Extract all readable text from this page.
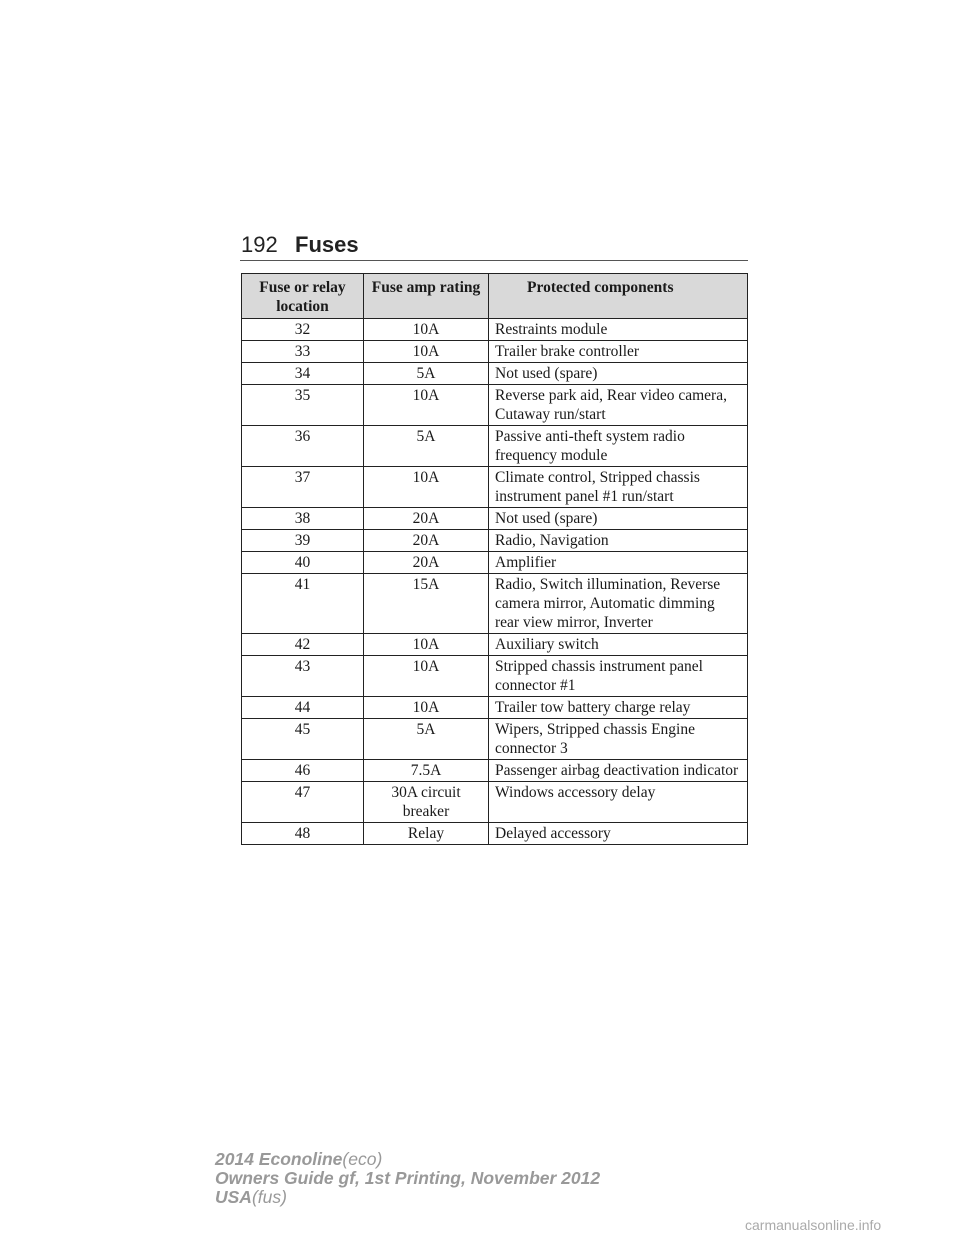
192 Fuses
Fuse or relay location	Fuse amp rating	Protected components
32	10A	Restraints module
33	10A	Trailer brake controller
34	5A	Not used (spare)
35	10A	Reverse park aid, Rear video camera, Cutaway run/start
36	5A	Passive anti-theft system radio frequency module
37	10A	Climate control, Stripped chassis instrument panel #1 run/start
38	20A	Not used (spare)
39	20A	Radio, Navigation
40	20A	Amplifier
41	15A	Radio, Switch illumination, Reverse camera mirror, Automatic dimming rear view mirror, Inverter
42	10A	Auxiliary switch
43	10A	Stripped chassis instrument panel connector #1
44	10A	Trailer tow battery charge relay
45	5A	Wipers, Stripped chassis Engine connector 3
46	7.5A	Passenger airbag deactivation indicator
47	30A circuit breaker	Windows accessory delay
48	Relay	Delayed accessory
2014 Econoline(eco)
Owners Guide gf, 1st Printing, November 2012
USA(fus)
carmanualsonline.info
